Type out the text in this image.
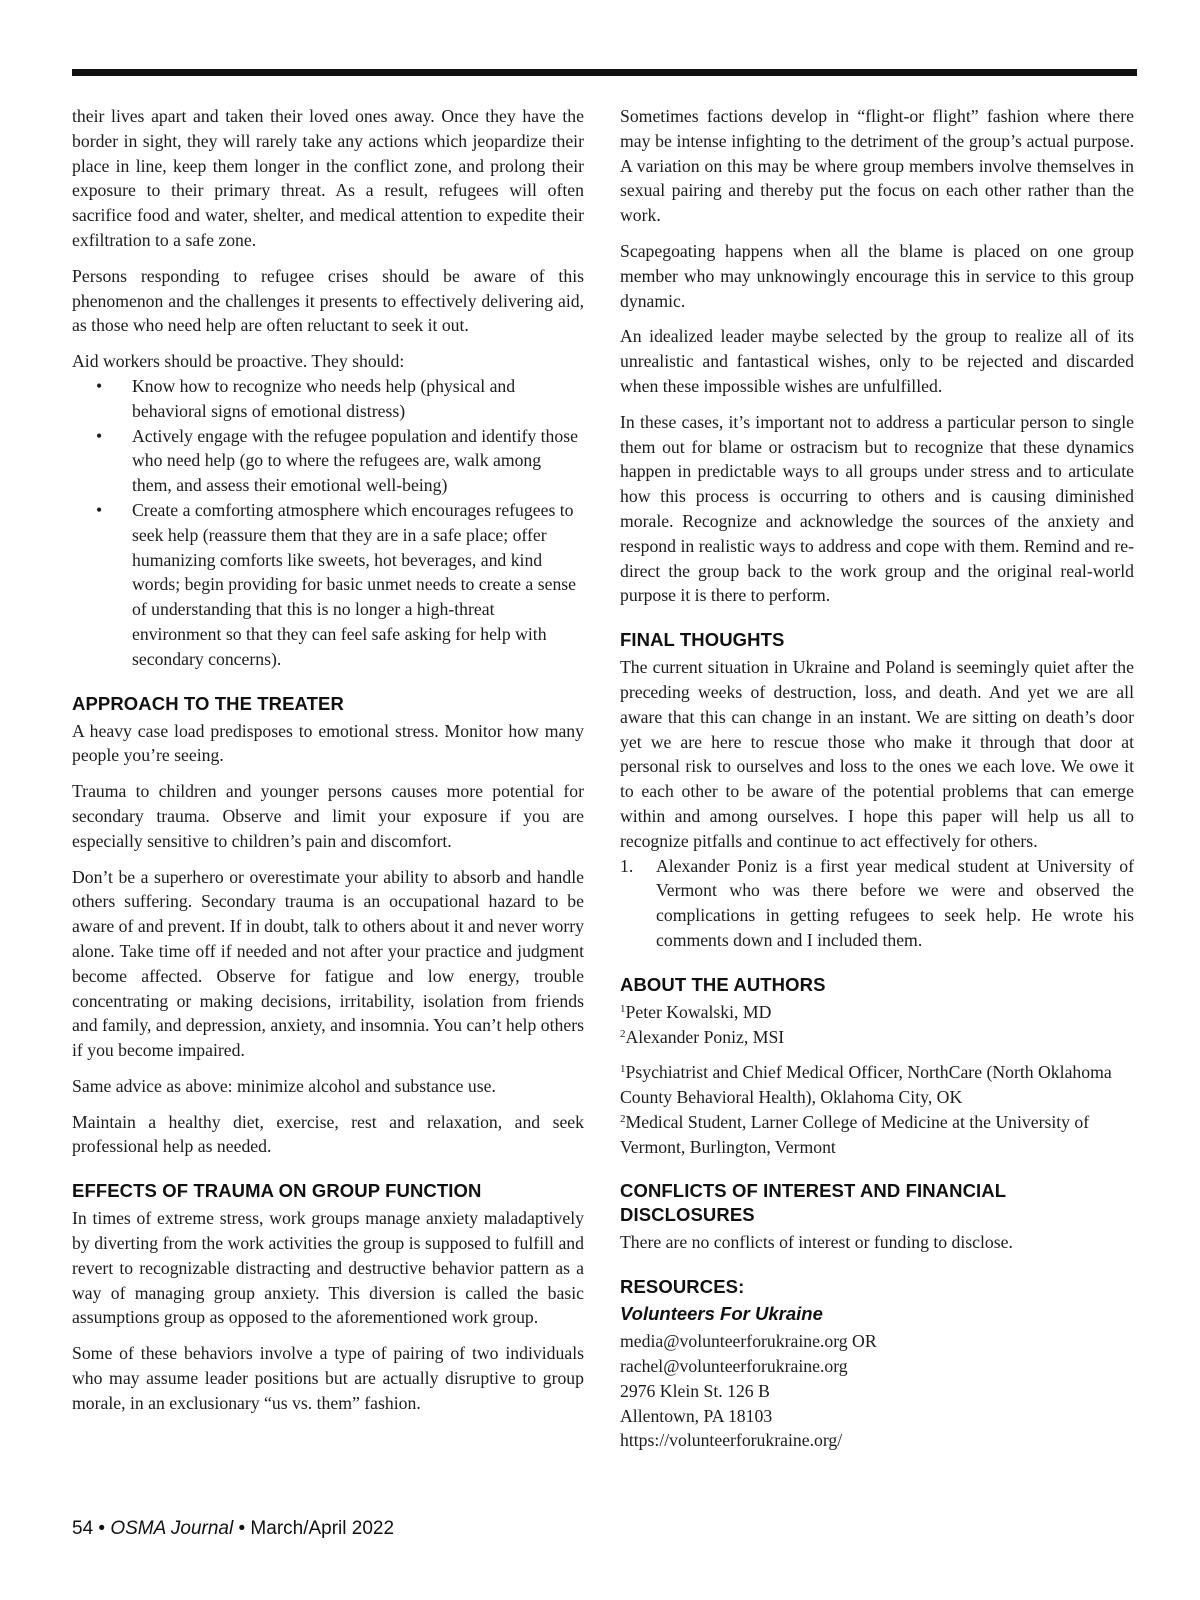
their lives apart and taken their loved ones away. Once they have the border in sight, they will rarely take any actions which jeopardize their place in line, keep them longer in the conflict zone, and prolong their exposure to their primary threat. As a result, refugees will often sacrifice food and water, shelter, and medical attention to expedite their exfiltration to a safe zone.

Persons responding to refugee crises should be aware of this phenomenon and the challenges it presents to effectively delivering aid, as those who need help are often reluctant to seek it out.

Aid workers should be proactive. They should:

• Know how to recognize who needs help (physical and behavioral signs of emotional distress)
• Actively engage with the refugee population and identify those who need help (go to where the refugees are, walk among them, and assess their emotional well-being)
• Create a comforting atmosphere which encourages refugees to seek help (reassure them that they are in a safe place; offer humanizing comforts like sweets, hot beverages, and kind words; begin providing for basic unmet needs to create a sense of understanding that this is no longer a high-threat environment so that they can feel safe asking for help with secondary concerns).
APPROACH TO THE TREATER

A heavy case load predisposes to emotional stress. Monitor how many people you’re seeing.

Trauma to children and younger persons causes more potential for secondary trauma. Observe and limit your exposure if you are especially sensitive to children’s pain and discomfort.

Don’t be a superhero or overestimate your ability to absorb and handle others suffering. Secondary trauma is an occupational hazard to be aware of and prevent. If in doubt, talk to others about it and never worry alone. Take time off if needed and not after your practice and judgment become affected. Observe for fatigue and low energy, trouble concentrating or making decisions, irritability, isolation from friends and family, and depression, anxiety, and insomnia. You can’t help others if you become impaired.

Same advice as above: minimize alcohol and substance use.

Maintain a healthy diet, exercise, rest and relaxation, and seek professional help as needed.

EFFECTS OF TRAUMA ON GROUP FUNCTION

In times of extreme stress, work groups manage anxiety maladaptively by diverting from the work activities the group is supposed to fulfill and revert to recognizable distracting and destructive behavior pattern as a way of managing group anxiety. This diversion is called the basic assumptions group as opposed to the aforementioned work group.

Some of these behaviors involve a type of pairing of two individuals who may assume leader positions but are actually disruptive to group morale, in an exclusionary “us vs. them” fashion.

Sometimes factions develop in “flight-or flight” fashion where there may be intense infighting to the detriment of the group’s actual purpose. A variation on this may be where group members involve themselves in sexual pairing and thereby put the focus on each other rather than the work.

Scapegoating happens when all the blame is placed on one group member who may unknowingly encourage this in service to this group dynamic.

An idealized leader maybe selected by the group to realize all of its unrealistic and fantastical wishes, only to be rejected and discarded when these impossible wishes are unfulfilled.

In these cases, it’s important not to address a particular person to single them out for blame or ostracism but to recognize that these dynamics happen in predictable ways to all groups under stress and to articulate how this process is occurring to others and is causing diminished morale. Recognize and acknowledge the sources of the anxiety and respond in realistic ways to address and cope with them. Remind and re-direct the group back to the work group and the original real-world purpose it is there to perform.

FINAL THOUGHTS

The current situation in Ukraine and Poland is seemingly quiet after the preceding weeks of destruction, loss, and death. And yet we are all aware that this can change in an instant. We are sitting on death’s door yet we are here to rescue those who make it through that door at personal risk to ourselves and loss to the ones we each love. We owe it to each other to be aware of the potential problems that can emerge within and among ourselves. I hope this paper will help us all to recognize pitfalls and continue to act effectively for others.

1. Alexander Poniz is a first year medical student at University of Vermont who was there before we were and observed the complications in getting refugees to seek help. He wrote his comments down and I included them.
ABOUT THE AUTHORS
$^1$Peter Kowalski, MD
$^2$Alexander Poniz, MSI
$^1$Psychiatrist and Chief Medical Officer, NorthCare (North Oklahoma County Behavioral Health), Oklahoma City, OK
$^2$Medical Student, Larner College of Medicine at the University of Vermont, Burlington, Vermont
CONFLICTS OF INTEREST AND FINANCIAL DISCLOSURES

There are no conflicts of interest or funding to disclose.

RESOURCES:
Volunteers For Ukraine
media@volunteerforukraine.org OR
rachel@volunteerforukraine.org
2976 Klein St. 126 B
Allentown, PA 18103
https://volunteerforukraine.org/
54 • OSMA Journal • March/April 2022
